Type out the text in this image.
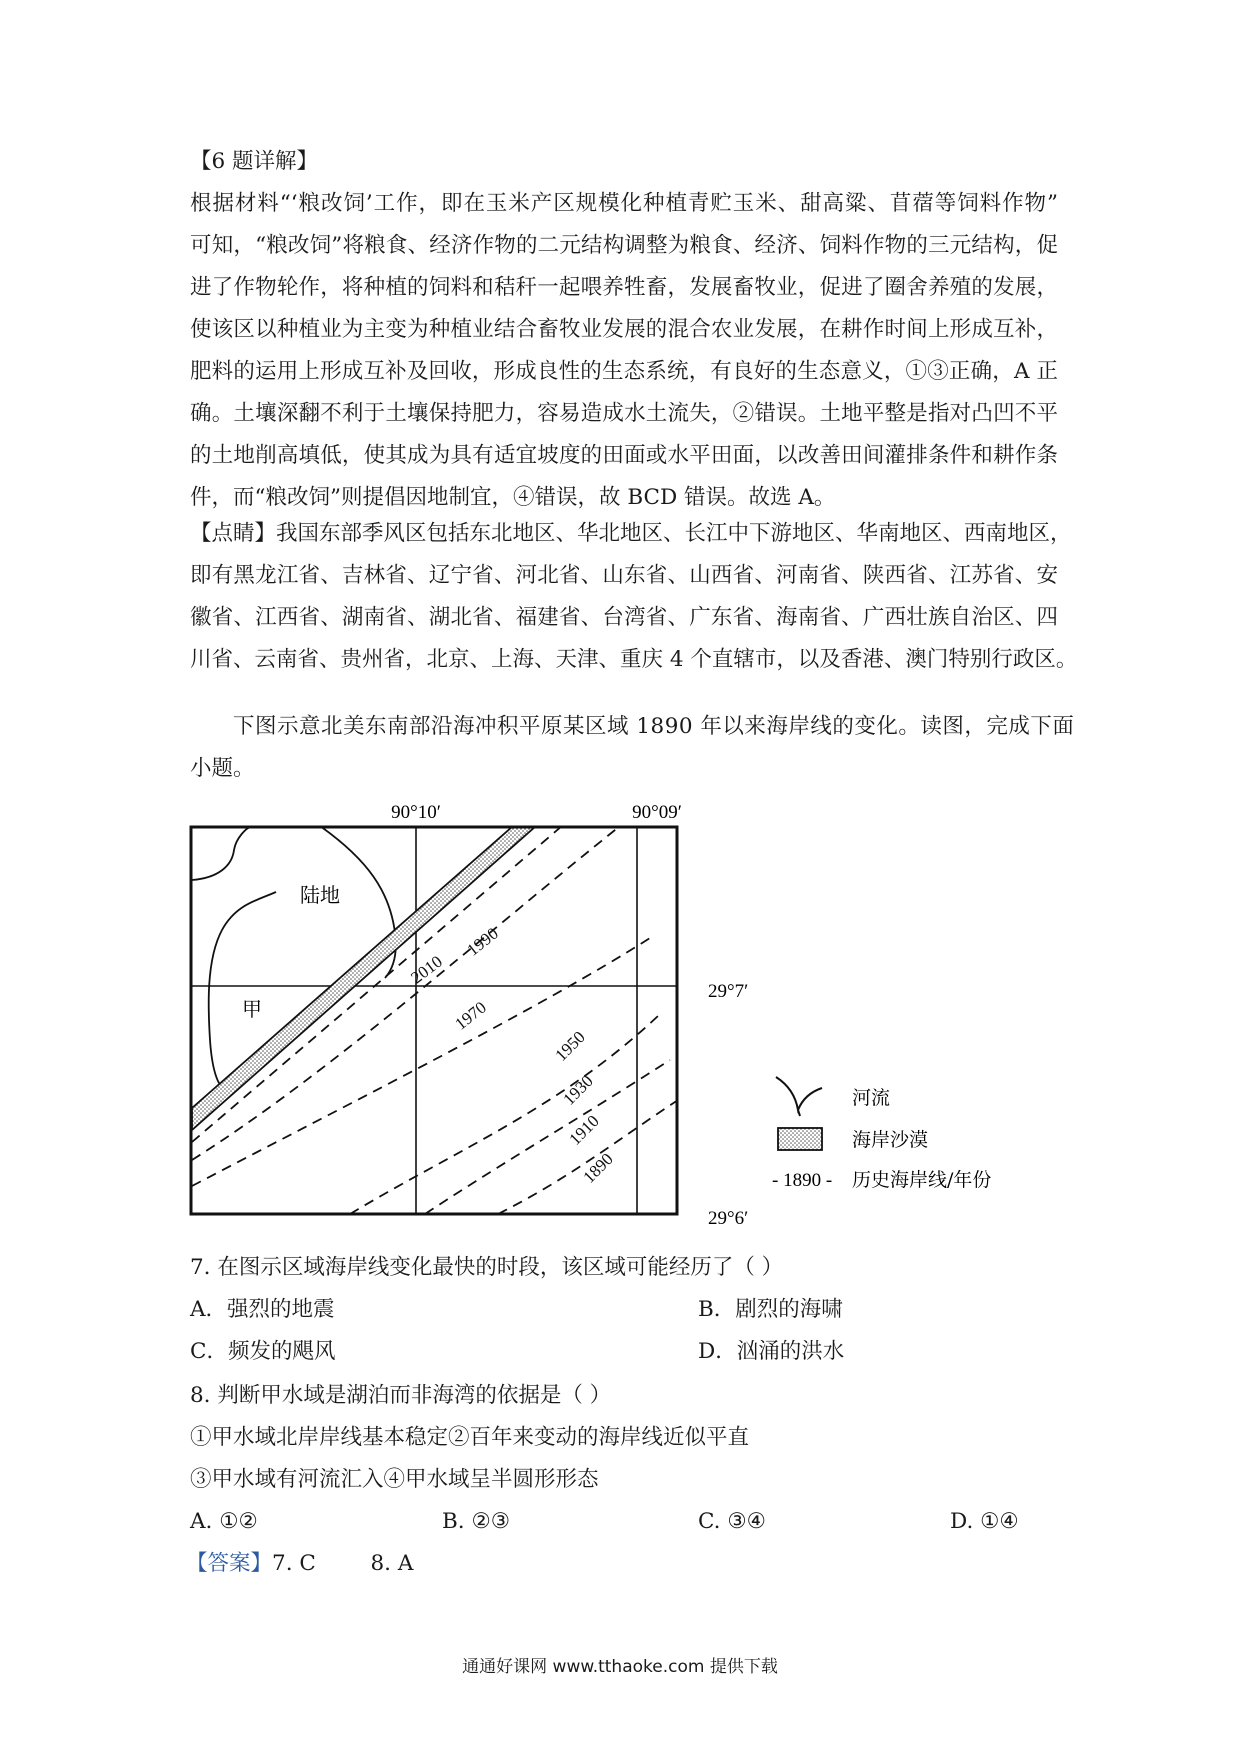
【6 题详解】
根据材料“‘粮改饲’工作，即在玉米产区规模化种植青贮玉米、甜高粱、苜蓿等饲料作物”
可知，“粮改饲”将粮食、经济作物的二元结构调整为粮食、经济、饲料作物的三元结构，促
进了作物轮作，将种植的饲料和秸秆一起喂养牲畜，发展畜牧业，促进了圈舍养殖的发展，
使该区以种植业为主变为种植业结合畜牧业发展的混合农业发展，在耕作时间上形成互补，
肥料的运用上形成互补及回收，形成良性的生态系统，有良好的生态意义，①③正确，A 正
确。土壤深翻不利于土壤保持肥力，容易造成水土流失，②错误。土地平整是指对凸凹不平
的土地削高填低，使其成为具有适宜坡度的田面或水平田面，以改善田间灌排条件和耕作条
件，而“粮改饲”则提倡因地制宜，④错误，故 BCD 错误。故选 A。
【点睛】我国东部季风区包括东北地区、华北地区、长江中下游地区、华南地区、西南地区，
即有黑龙江省、吉林省、辽宁省、河北省、山东省、山西省、河南省、陕西省、江苏省、安
徽省、江西省、湖南省、湖北省、福建省、台湾省、广东省、海南省、广西壮族自治区、四
川省、云南省、贵州省，北京、上海、天津、重庆 4 个直辖市，以及香港、澳门特别行政区。
下图示意北美东南部沿海冲积平原某区域 1890 年以来海岸线的变化。读图，完成下面
小题。
90°10′	90°09′
陆地
甲
2010
1990
1970
1950
1930
1910
1890
29°7′
29°6′
河流
海岸沙漠
- 1890 - 历史海岸线/年份
7. 在图示区域海岸线变化最快的时段，该区域可能经历了（ ）
A．强烈的地震	B．剧烈的海啸
C．频发的飓风	D．汹涌的洪水
8. 判断甲水域是湖泊而非海湾的依据是（ ）
①甲水域北岸岸线基本稳定②百年来变动的海岸线近似平直
③甲水域有河流汇入④甲水域呈半圆形形态
A. ①②	B. ②③	C. ③④	D. ①④
【答案】7. C        8. A
通通好课网 www.tthaoke.com 提供下载
